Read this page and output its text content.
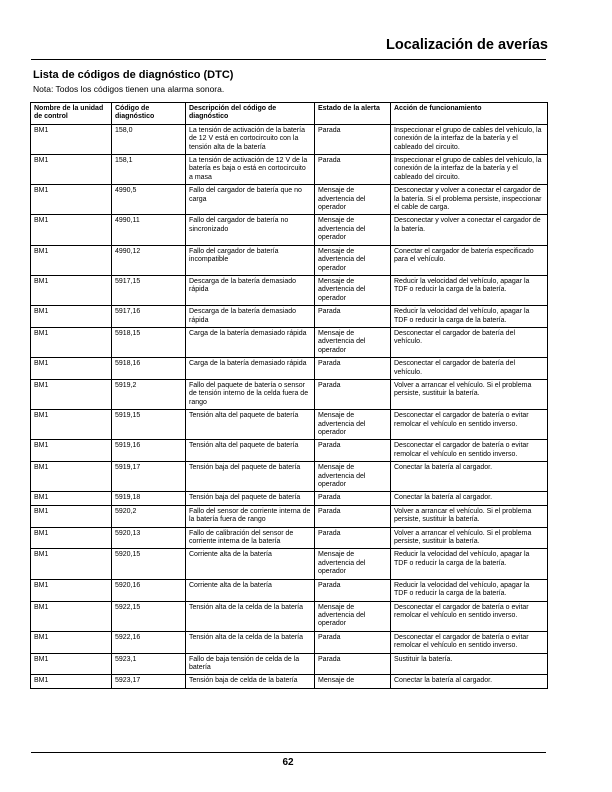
Localización de averías
Lista de códigos de diagnóstico (DTC)

Nota: Todos los códigos tienen una alarma sonora.

Nombre de la unidad de control	Código de diagnóstico	Descripción del código de diagnóstico	Estado de la alerta	Acción de funcionamiento
BM1	158,0	La tensión de activación de la batería de 12 V está en cortocircuito con la tensión alta de la batería	Parada	Inspeccionar el grupo de cables del vehículo, la conexión de la interfaz de la batería y el cableado del circuito.
BM1	158,1	La tensión de activación de 12 V de la batería es baja o está en cortocircuito a masa	Parada	Inspeccionar el grupo de cables del vehículo, la conexión de la interfaz de la batería y el cableado del circuito.
BM1	4990,5	Fallo del cargador de batería que no carga	Mensaje de advertencia del operador	Desconectar y volver a conectar el cargador de la batería. Si el problema persiste, inspeccionar el cable de carga.
BM1	4990,11	Fallo del cargador de batería no sincronizado	Mensaje de advertencia del operador	Desconectar y volver a conectar el cargador de la batería.
BM1	4990,12	Fallo del cargador de batería incompatible	Mensaje de advertencia del operador	Conectar el cargador de batería especificado para el vehículo.
BM1	5917,15	Descarga de la batería demasiado rápida	Mensaje de advertencia del operador	Reducir la velocidad del vehículo, apagar la TDF o reducir la carga de la batería.
BM1	5917,16	Descarga de la batería demasiado rápida	Parada	Reducir la velocidad del vehículo, apagar la TDF o reducir la carga de la batería.
BM1	5918,15	Carga de la batería demasiado rápida	Mensaje de advertencia del operador	Desconectar el cargador de batería del vehículo.
BM1	5918,16	Carga de la batería demasiado rápida	Parada	Desconectar el cargador de batería del vehículo.
BM1	5919,2	Fallo del paquete de batería o sensor de tensión interno de la celda fuera de rango	Parada	Volver a arrancar el vehículo. Si el problema persiste, sustituir la batería.
BM1	5919,15	Tensión alta del paquete de batería	Mensaje de advertencia del operador	Desconectar el cargador de batería o evitar remolcar el vehículo en sentido inverso.
BM1	5919,16	Tensión alta del paquete de batería	Parada	Desconectar el cargador de batería o evitar remolcar el vehículo en sentido inverso.
BM1	5919,17	Tensión baja del paquete de batería	Mensaje de advertencia del operador	Conectar la batería al cargador.
BM1	5919,18	Tensión baja del paquete de batería	Parada	Conectar la batería al cargador.
BM1	5920,2	Fallo del sensor de corriente interna de la batería fuera de rango	Parada	Volver a arrancar el vehículo. Si el problema persiste, sustituir la batería.
BM1	5920,13	Fallo de calibración del sensor de corriente interna de la batería	Parada	Volver a arrancar el vehículo. Si el problema persiste, sustituir la batería.
BM1	5920,15	Corriente alta de la batería	Mensaje de advertencia del operador	Reducir la velocidad del vehículo, apagar la TDF o reducir la carga de la batería.
BM1	5920,16	Corriente alta de la batería	Parada	Reducir la velocidad del vehículo, apagar la TDF o reducir la carga de la batería.
BM1	5922,15	Tensión alta de la celda de la batería	Mensaje de advertencia del operador	Desconectar el cargador de batería o evitar remolcar el vehículo en sentido inverso.
BM1	5922,16	Tensión alta de la celda de la batería	Parada	Desconectar el cargador de batería o evitar remolcar el vehículo en sentido inverso.
BM1	5923,1	Fallo de baja tensión de celda de la batería	Parada	Sustituir la batería.
BM1	5923,17	Tensión baja de celda de la batería	Mensaje de	Conectar la batería al cargador.

62
